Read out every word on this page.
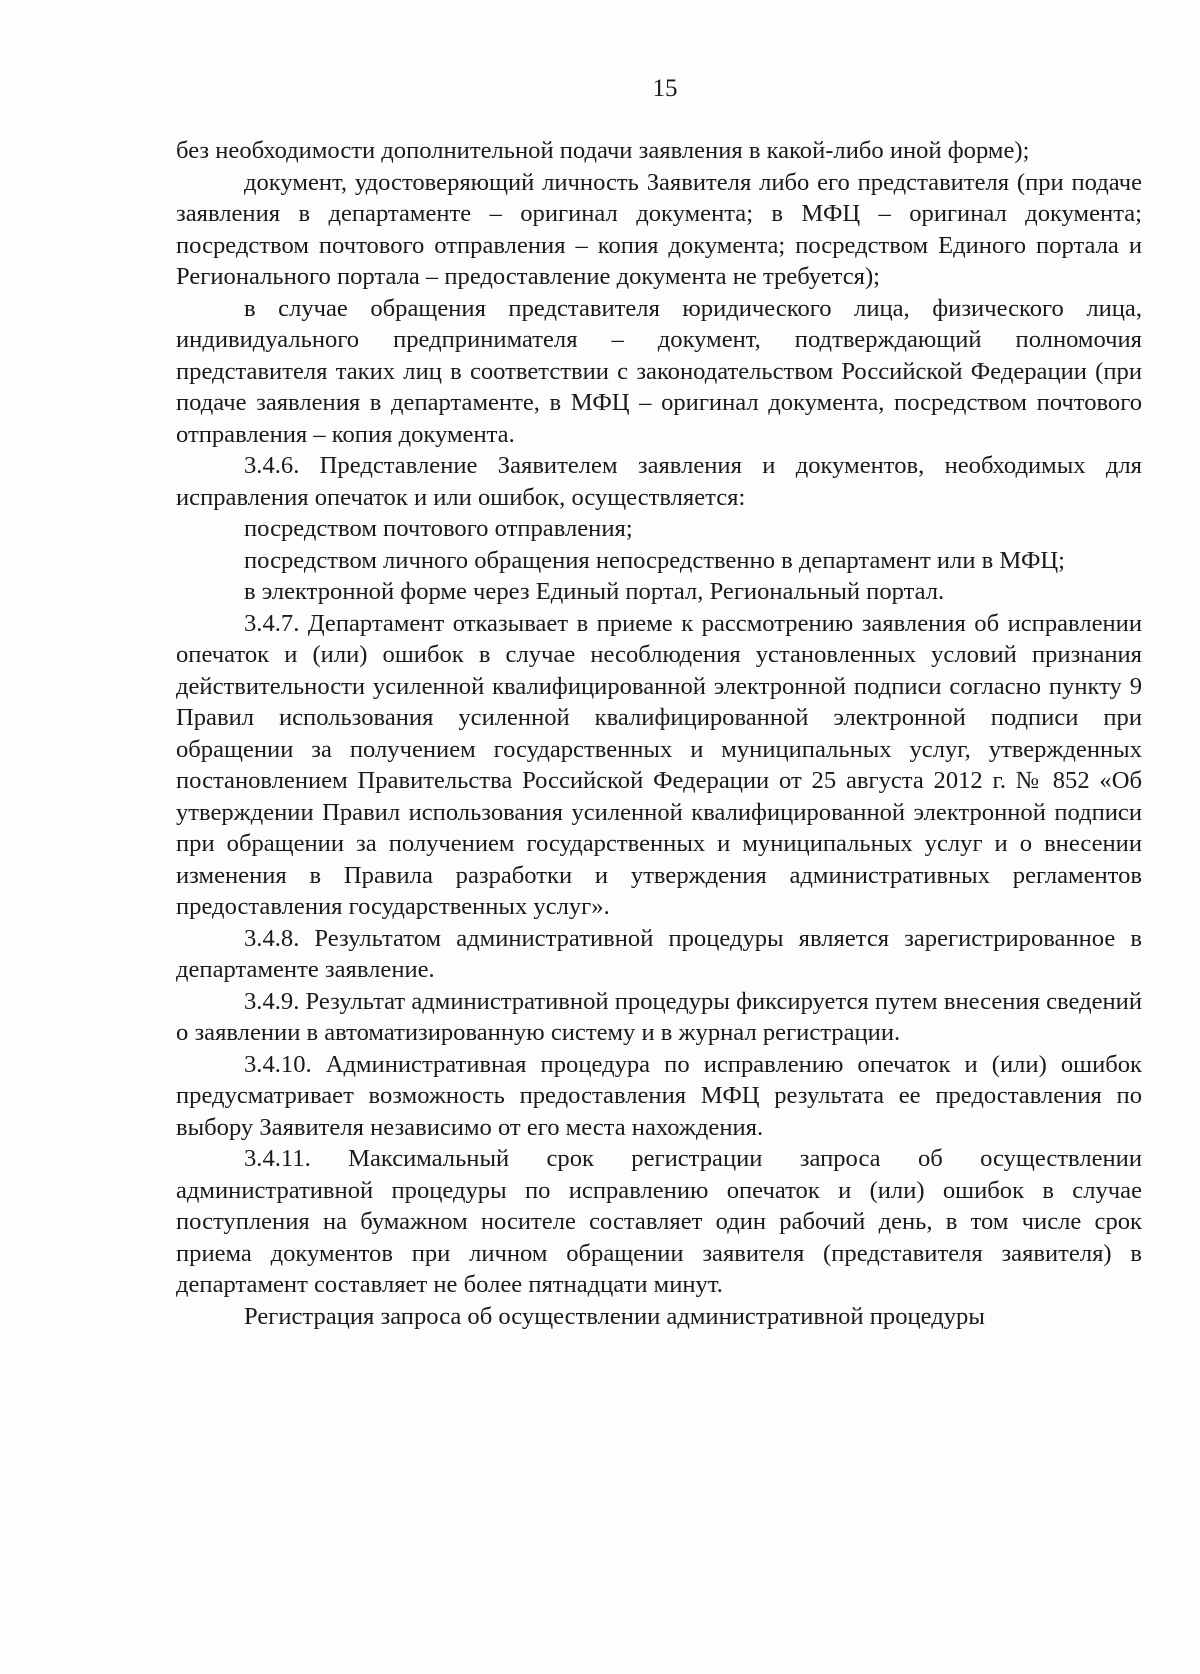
15

без необходимости дополнительной подачи заявления в какой-либо иной форме);

документ, удостоверяющий личность Заявителя либо его представителя (при подаче заявления в департаменте – оригинал документа; в МФЦ – оригинал документа; посредством почтового отправления – копия документа; посредством Единого портала и Регионального портала – предоставление документа не требуется);

в случае обращения представителя юридического лица, физического лица, индивидуального предпринимателя – документ, подтверждающий полномочия представителя таких лиц в соответствии с законодательством Российской Федерации (при подаче заявления в департаменте, в МФЦ – оригинал документа, посредством почтового отправления – копия документа.

3.4.6. Представление Заявителем заявления и документов, необходимых для исправления опечаток и или ошибок, осуществляется:

посредством почтового отправления;

посредством личного обращения непосредственно в департамент или в МФЦ;

в электронной форме через Единый портал, Региональный портал.

3.4.7. Департамент отказывает в приеме к рассмотрению заявления об исправлении опечаток и (или) ошибок в случае несоблюдения установленных условий признания действительности усиленной квалифицированной электронной подписи согласно пункту 9 Правил использования усиленной квалифицированной электронной подписи при обращении за получением государственных и муниципальных услуг, утвержденных постановлением Правительства Российской Федерации от 25 августа 2012 г. № 852 «Об утверждении Правил использования усиленной квалифицированной электронной подписи при обращении за получением государственных и муниципальных услуг и о внесении изменения в Правила разработки и утверждения административных регламентов предоставления государственных услуг».

3.4.8. Результатом административной процедуры является зарегистрированное в департаменте заявление.

3.4.9. Результат административной процедуры фиксируется путем внесения сведений о заявлении в автоматизированную систему и в журнал регистрации.

3.4.10. Административная процедура по исправлению опечаток и (или) ошибок предусматривает возможность предоставления МФЦ результата ее предоставления по выбору Заявителя независимо от его места нахождения.

3.4.11. Максимальный срок регистрации запроса об осуществлении административной процедуры по исправлению опечаток и (или) ошибок в случае поступления на бумажном носителе составляет один рабочий день, в том числе срок приема документов при личном обращении заявителя (представителя заявителя) в департамент составляет не более пятнадцати минут.

Регистрация запроса об осуществлении административной процедуры
